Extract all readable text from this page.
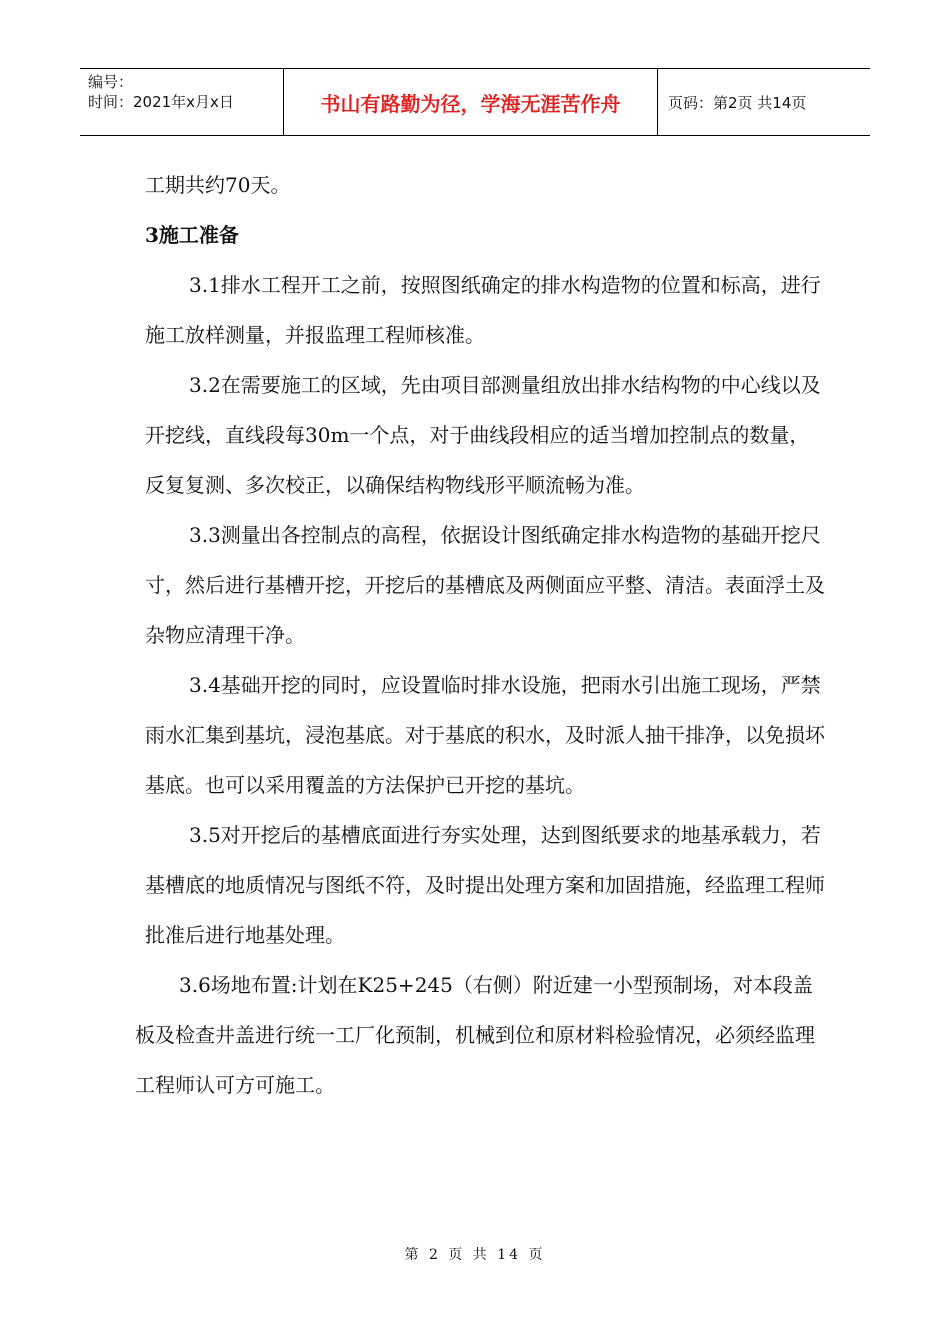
编号：
时间：2021年x月x日	书山有路勤为径，学海无涯苦作舟	页码：第2页 共14页

工期共约70天。

3施工准备

3.1排水工程开工之前，按照图纸确定的排水构造物的位置和标高，进行施工放样测量，并报监理工程师核准。

3.2在需要施工的区域，先由项目部测量组放出排水结构物的中心线以及开挖线，直线段每30m一个点，对于曲线段相应的适当增加控制点的数量，反复复测、多次校正，以确保结构物线形平顺流畅为准。

3.3测量出各控制点的高程，依据设计图纸确定排水构造物的基础开挖尺寸，然后进行基槽开挖，开挖后的基槽底及两侧面应平整、清洁。表面浮土及杂物应清理干净。

3.4基础开挖的同时，应设置临时排水设施，把雨水引出施工现场，严禁雨水汇集到基坑，浸泡基底。对于基底的积水，及时派人抽干排净，以免损坏基底。也可以采用覆盖的方法保护已开挖的基坑。

3.5对开挖后的基槽底面进行夯实处理，达到图纸要求的地基承载力，若基槽底的地质情况与图纸不符，及时提出处理方案和加固措施，经监理工程师批准后进行地基处理。

3.6场地布置:计划在K25+245（右侧）附近建一小型预制场，对本段盖板及检查井盖进行统一工厂化预制，机械到位和原材料检验情况，必须经监理工程师认可方可施工。

第 2 页 共 14 页
